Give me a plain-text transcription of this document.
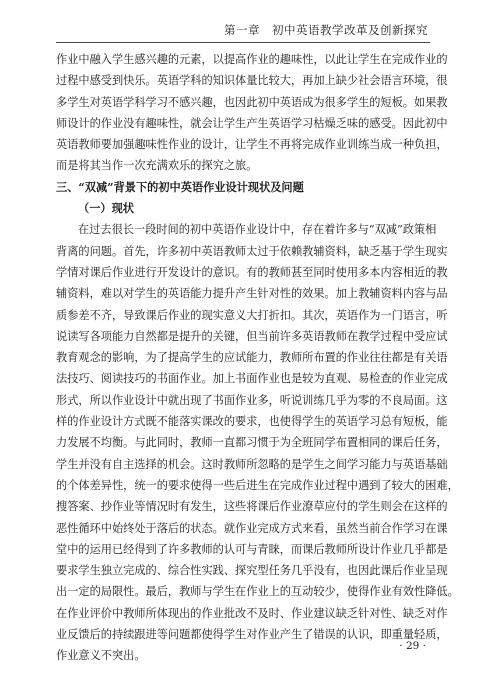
第一章　初中英语教学改革及创新探究
作业中融入学生感兴趣的元素，以提高作业的趣味性，以此让学生在完成作业的
过程中感受到快乐。英语学科的知识体量比较大，再加上缺少社会语言环境，很
多学生对英语学科学习不感兴趣，也因此初中英语成为很多学生的短板。如果教
师设计的作业没有趣味性，就会让学生产生英语学习枯燥乏味的感受。因此初中
英语教师要加强趣味性作业的设计，让学生不再将完成作业训练当成一种负担，
而是将其当作一次充满欢乐的探究之旅。
三、“双减”背景下的初中英语作业设计现状及问题
（一）现状
在过去很长一段时间的初中英语作业设计中，存在着许多与“双减”政策相
背离的问题。首先，许多初中英语教师太过于依赖教辅资料，缺乏基于学生现实
学情对课后作业进行开发设计的意识。有的教师甚至同时使用多本内容相近的教
辅资料，难以对学生的英语能力提升产生针对性的效果。加上教辅资料内容与品
质参差不齐，导致课后作业的现实意义大打折扣。其次，英语作为一门语言，听
说读写各项能力自然都是提升的关键，但当前许多英语教师在教学过程中受应试
教育观念的影响，为了提高学生的应试能力，教师所布置的作业往往都是有关语
法技巧、阅读技巧的书面作业。加上书面作业也是较为直观、易检查的作业完成
形式，所以作业设计中就出现了书面作业多，听说训练几乎为零的不良局面。这
样的作业设计方式既不能落实课改的要求，也使得学生的英语学习总有短板，能
力发展不均衡。与此同时，教师一直都习惯于为全班同学布置相同的课后任务，
学生并没有自主选择的机会。这时教师所忽略的是学生之间学习能力与英语基础
的个体差异性，统一的要求使得一些后进生在完成作业过程中遇到了较大的困难，
搜答案、抄作业等情况时有发生，这些将课后作业潦草应付的学生则会在这样的
恶性循环中始终处于落后的状态。就作业完成方式来看，虽然当前合作学习在课
堂中的运用已经得到了许多教师的认可与青睐，而课后教师所设计作业几乎都是
要求学生独立完成的、综合性实践、探究型任务几乎没有，也因此课后作业呈现
出一定的局限性。最后，教师与学生在作业上的互动较少，使得作业有效性降低。
在作业评价中教师所体现出的作业批改不及时、作业建议缺乏针对性、缺乏对作
业反馈后的持续跟进等问题都使得学生对作业产生了错误的认识，即重量轻质，
作业意义不突出。
· 29 ·
